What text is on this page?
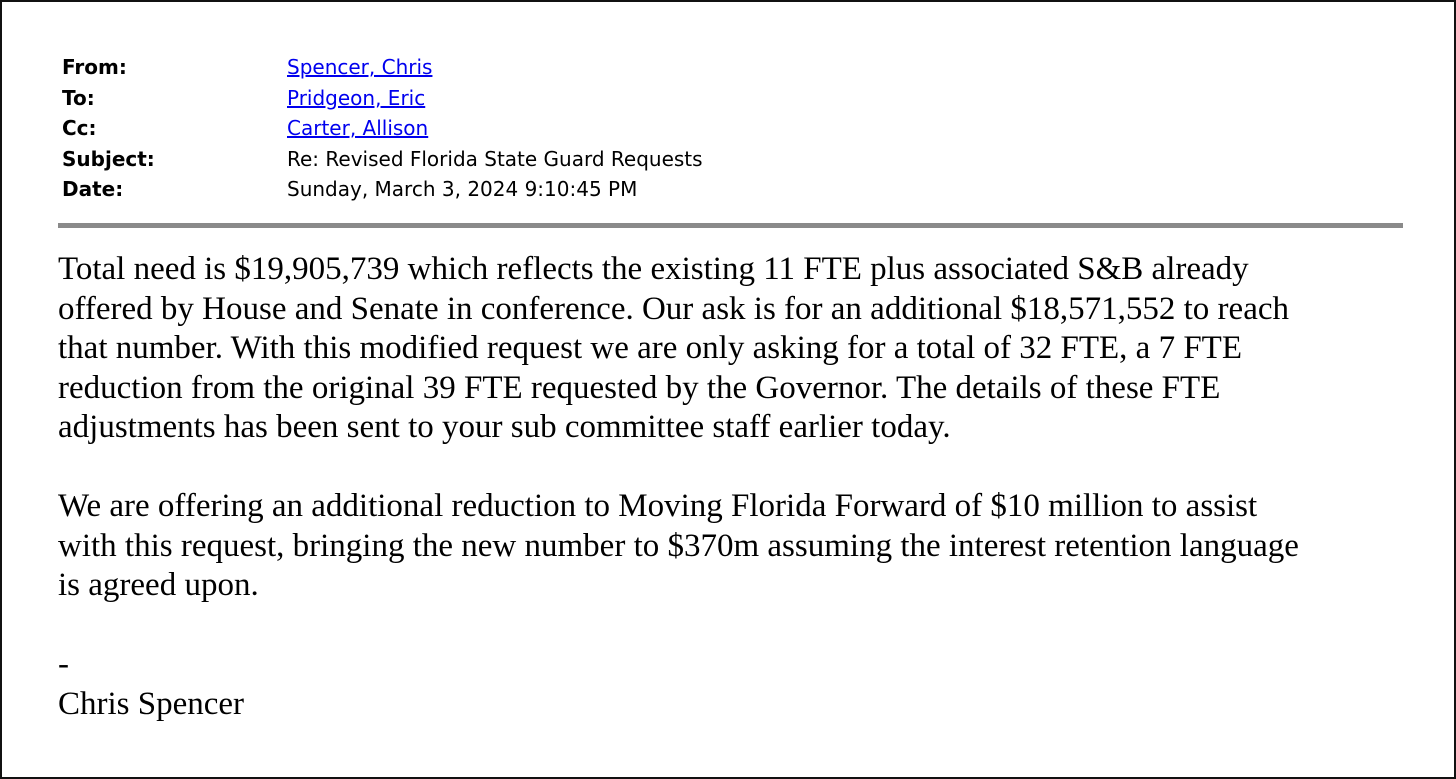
From:	Spencer, Chris
To:	Pridgeon, Eric
Cc:	Carter, Allison
Subject:	Re: Revised Florida State Guard Requests
Date:	Sunday, March 3, 2024 9:10:45 PM

Total need is $19,905,739 which reflects the existing 11 FTE plus associated S&B already

offered by House and Senate in conference. Our ask is for an additional $18,571,552 to reach

that number. With this modified request we are only asking for a total of 32 FTE, a 7 FTE

reduction from the original 39 FTE requested by the Governor. The details of these FTE

adjustments has been sent to your sub committee staff earlier today.

We are offering an additional reduction to Moving Florida Forward of $10 million to assist

with this request, bringing the new number to $370m assuming the interest retention language

is agreed upon.

-

Chris Spencer
